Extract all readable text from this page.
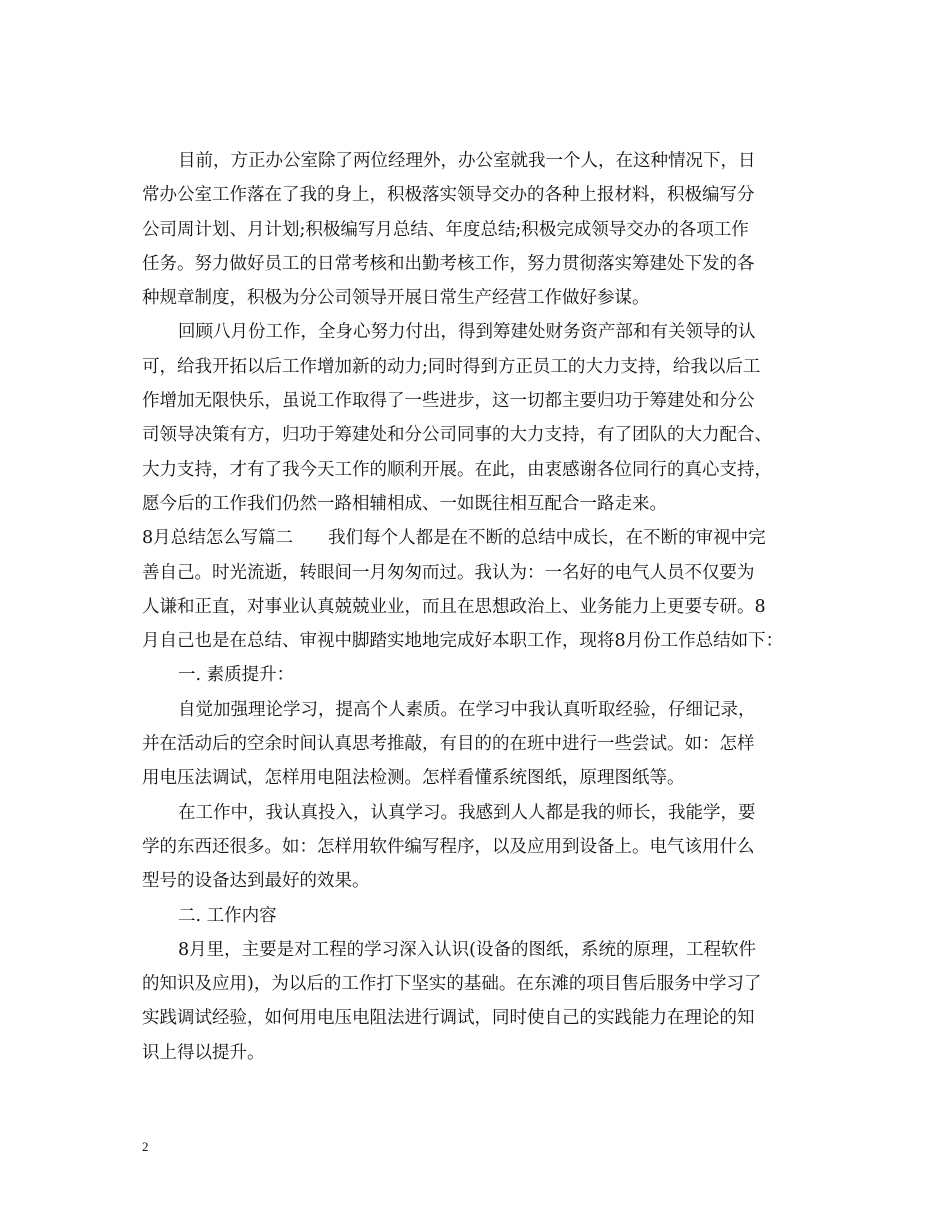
目前，方正办公室除了两位经理外，办公室就我一个人，在这种情况下，日
常办公室工作落在了我的身上，积极落实领导交办的各种上报材料，积极编写分
公司周计划、月计划;积极编写月总结、年度总结;积极完成领导交办的各项工作
任务。努力做好员工的日常考核和出勤考核工作，努力贯彻落实筹建处下发的各
种规章制度，积极为分公司领导开展日常生产经营工作做好参谋。
回顾八月份工作，全身心努力付出，得到筹建处财务资产部和有关领导的认
可，给我开拓以后工作增加新的动力;同时得到方正员工的大力支持，给我以后工
作增加无限快乐，虽说工作取得了一些进步，这一切都主要归功于筹建处和分公
司领导决策有方，归功于筹建处和分公司同事的大力支持，有了团队的大力配合、
大力支持，才有了我今天工作的顺利开展。在此，由衷感谢各位同行的真心支持，
愿今后的工作我们仍然一路相辅相成、一如既往相互配合一路走来。
8月总结怎么写篇二　　我们每个人都是在不断的总结中成长，在不断的审视中完
善自己。时光流逝，转眼间一月匆匆而过。我认为：一名好的电气人员不仅要为
人谦和正直，对事业认真兢兢业业，而且在思想政治上、业务能力上更要专研。8
月自己也是在总结、审视中脚踏实地地完成好本职工作，现将8月份工作总结如下：
一. 素质提升：
自觉加强理论学习，提高个人素质。在学习中我认真听取经验，仔细记录，
并在活动后的空余时间认真思考推敲，有目的的在班中进行一些尝试。如：怎样
用电压法调试，怎样用电阻法检测。怎样看懂系统图纸，原理图纸等。
在工作中，我认真投入，认真学习。我感到人人都是我的师长，我能学，要
学的东西还很多。如：怎样用软件编写程序，以及应用到设备上。电气该用什么
型号的设备达到最好的效果。
二. 工作内容
8月里，主要是对工程的学习深入认识(设备的图纸，系统的原理，工程软件
的知识及应用)，为以后的工作打下坚实的基础。在东滩的项目售后服务中学习了
实践调试经验，如何用电压电阻法进行调试，同时使自己的实践能力在理论的知
识上得以提升。
2
